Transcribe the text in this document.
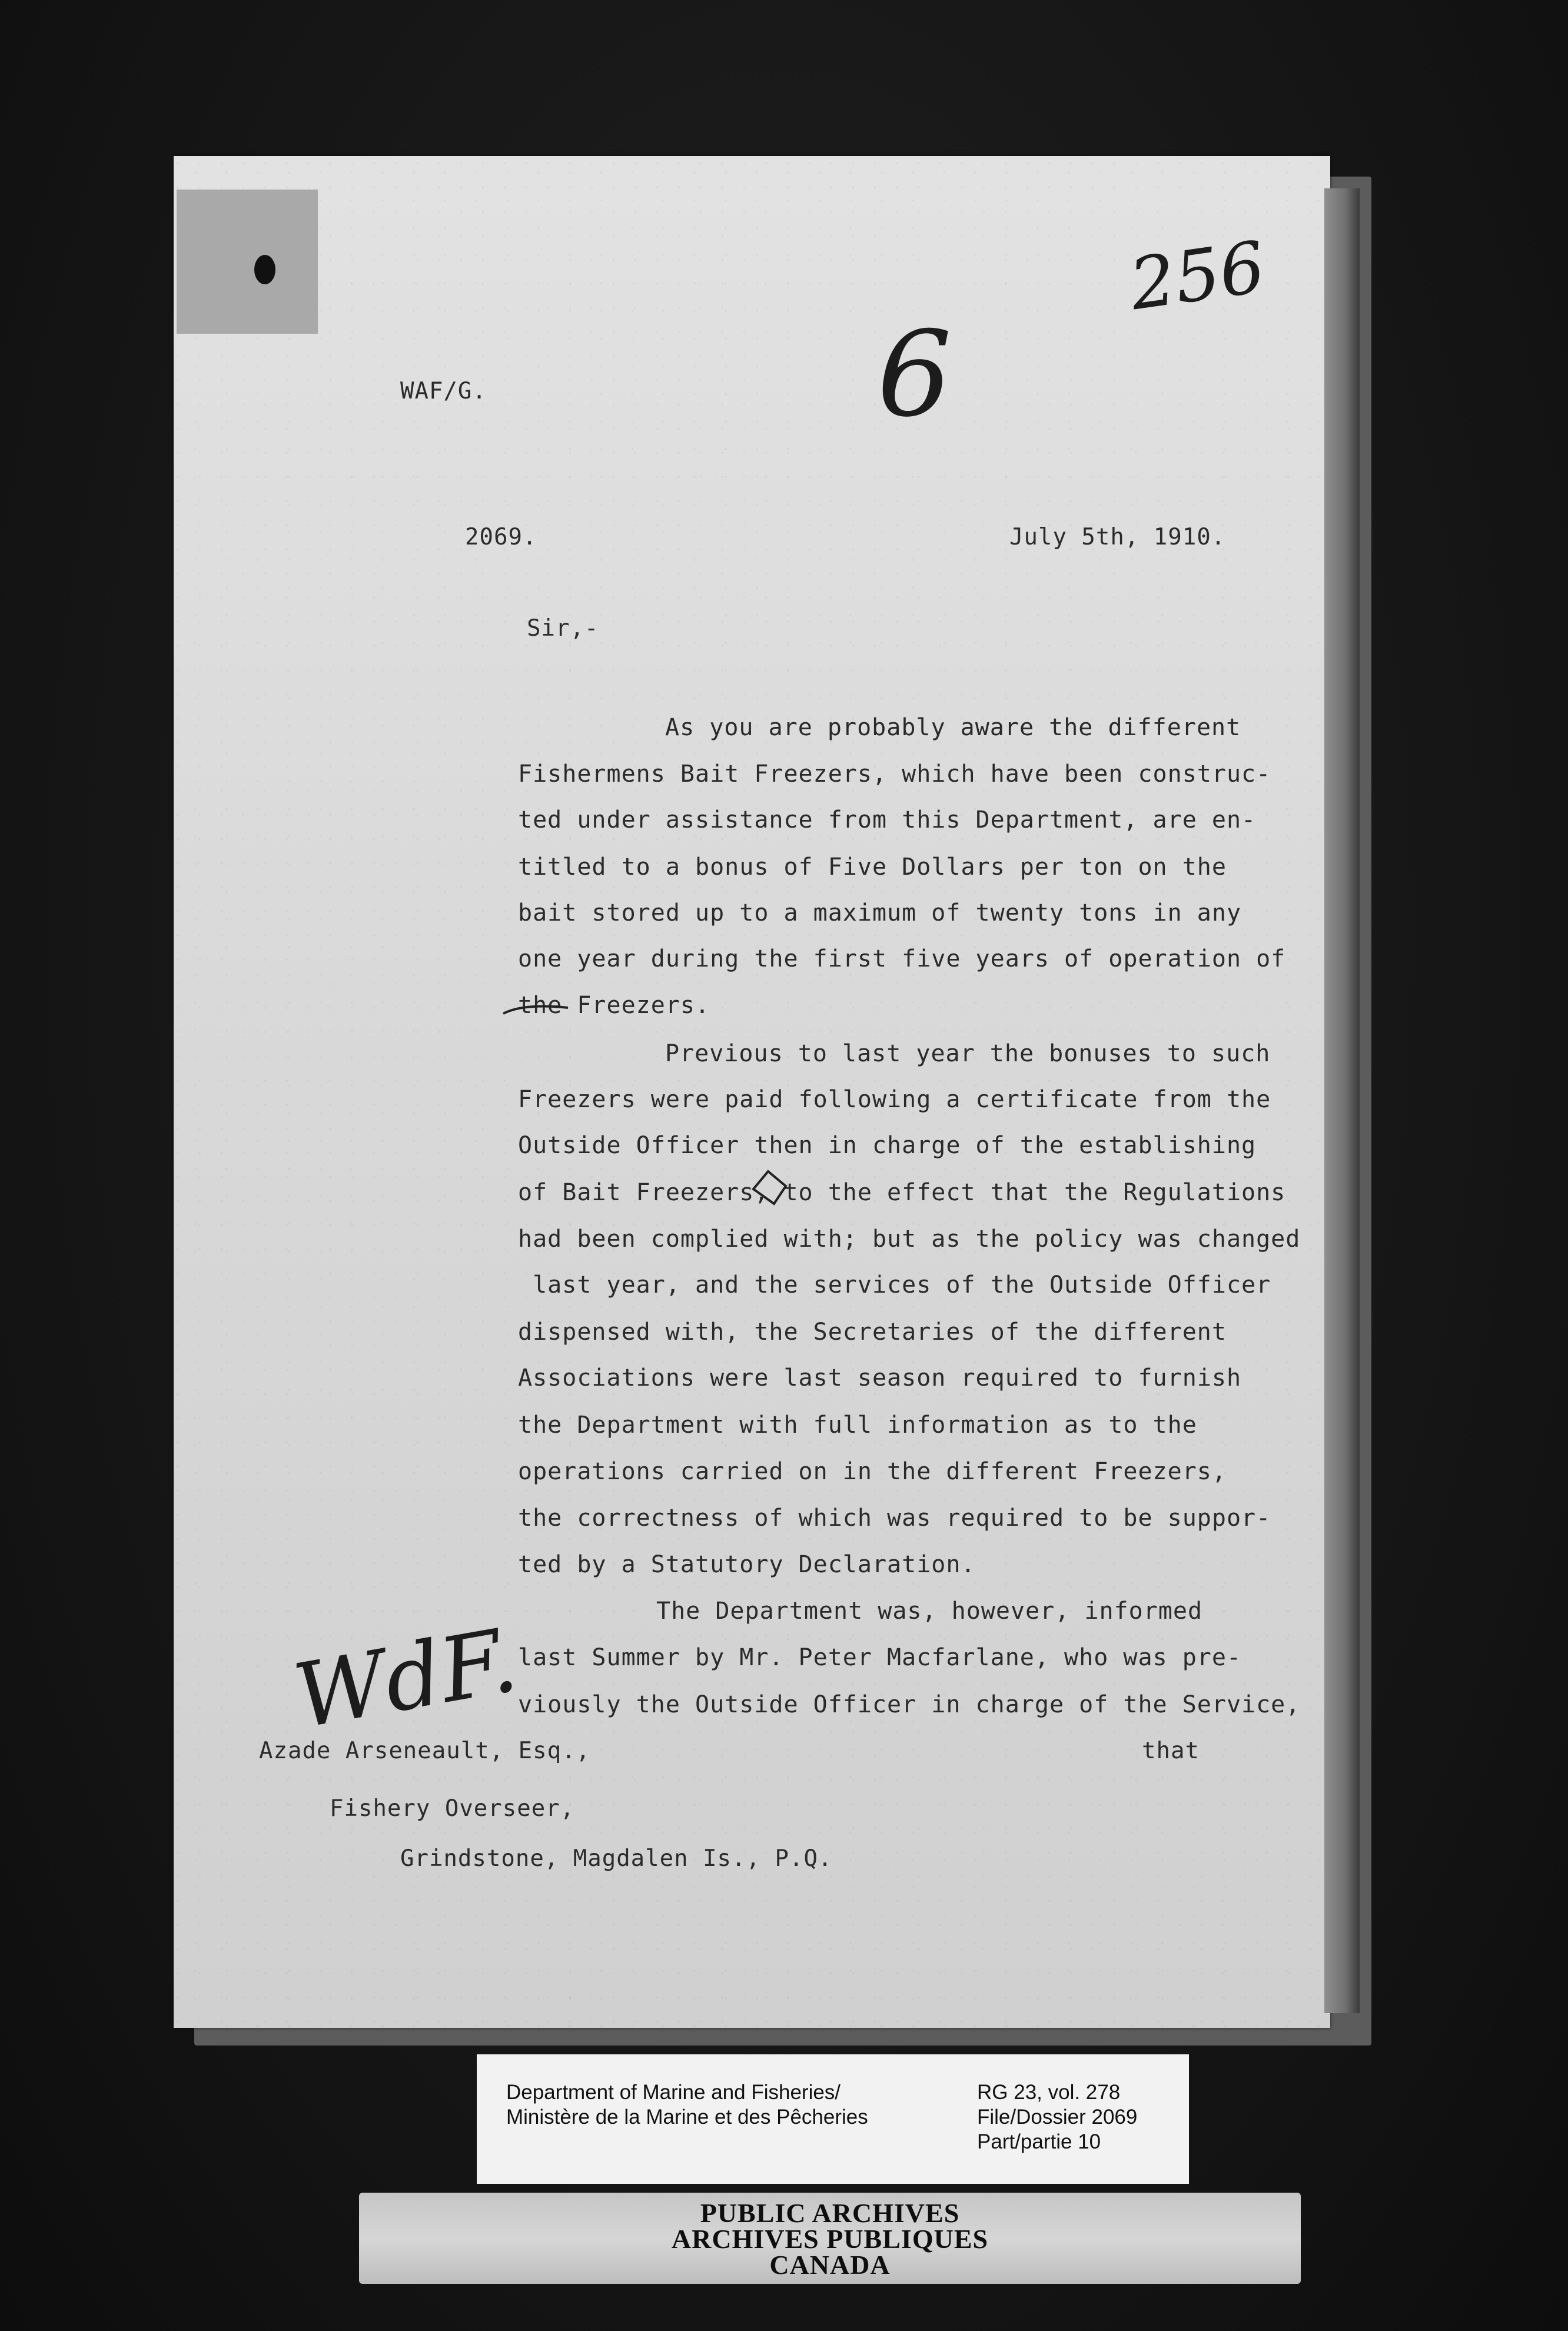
256
6
WAF/G.
2069.	July 5th, 1910.
Sir,-
As you are probably aware the different
Fishermens Bait Freezers, which have been construc-
ted under assistance from this Department, are en-
titled to a bonus of Five Dollars per ton on the
bait stored up to a maximum of twenty tons in any
one year during the first five years of operation of
the Freezers.
Previous to last year the bonuses to such
Freezers were paid following a certificate from the
Outside Officer then in charge of the establishing
of Bait Freezers, to the effect that the Regulations
had been complied with; but as the policy was changed
last year, and the services of the Outside Officer
dispensed with, the Secretaries of the different
Associations were last season required to furnish
the Department with full information as to the
operations carried on in the different Freezers,
the correctness of which was required to be suppor-
ted by a Statutory Declaration.
The Department was, however, informed
last Summer by Mr. Peter Macfarlane, who was pre-
viously the Outside Officer in charge of the Service,
WdF.
that
Azade Arseneault, Esq.,
Fishery Overseer,
Grindstone, Magdalen Is., P.Q.
Department of Marine and Fisheries/
Ministère de la Marine et des Pêcheries
RG 23, vol. 278
File/Dossier 2069
Part/partie 10
PUBLIC ARCHIVES
ARCHIVES PUBLIQUES
CANADA
